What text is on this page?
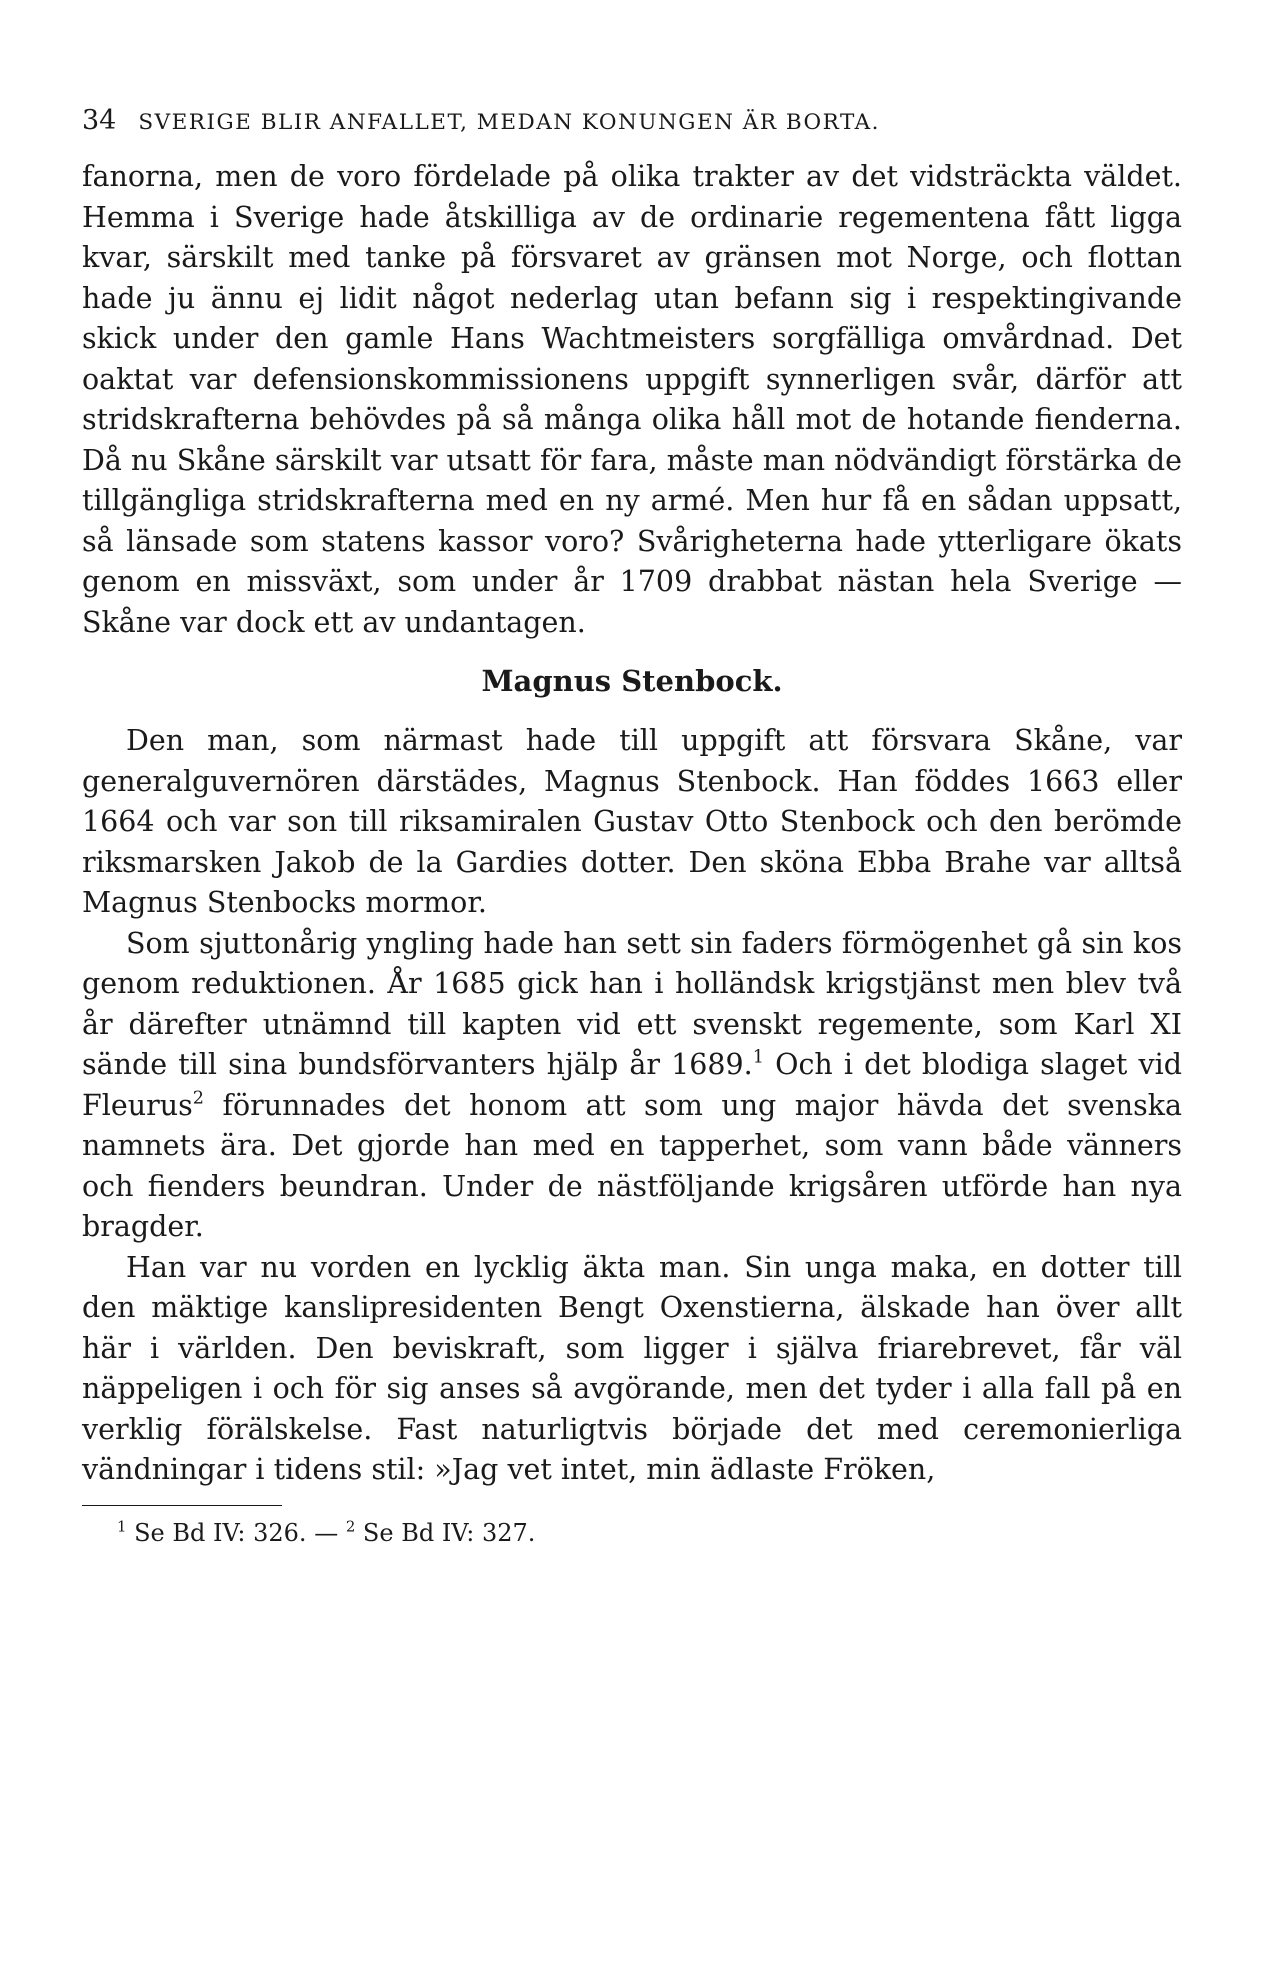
34 SVERIGE BLIR ANFALLET, MEDAN KONUNGEN ÄR BORTA.

fanorna, men de voro fördelade på olika trakter av det vidsträckta väldet. Hemma i Sverige hade åtskilliga av de ordinarie regementena fått ligga kvar, särskilt med tanke på försvaret av gränsen mot Norge, och flottan hade ju ännu ej lidit något nederlag utan befann sig i respektingivande skick under den gamle Hans Wachtmeisters sorgfälliga omvårdnad. Det oaktat var defensionskommissionens uppgift synnerligen svår, därför att stridskrafterna behövdes på så många olika håll mot de hotande fienderna. Då nu Skåne särskilt var utsatt för fara, måste man nödvändigt förstärka de tillgängliga stridskrafterna med en ny armé. Men hur få en sådan uppsatt, så länsade som statens kassor voro? Svårigheterna hade ytterligare ökats genom en missväxt, som under år 1709 drabbat nästan hela Sverige — Skåne var dock ett av undantagen.

Magnus Stenbock.

Den man, som närmast hade till uppgift att försvara Skåne, var generalguvernören därstädes, Magnus Stenbock. Han föddes 1663 eller 1664 och var son till riksamiralen Gustav Otto Stenbock och den berömde riksmarsken Jakob de la Gardies dotter. Den sköna Ebba Brahe var alltså Magnus Stenbocks mormor.

Som sjuttonårig yngling hade han sett sin faders förmögenhet gå sin kos genom reduktionen. År 1685 gick han i holländsk krigstjänst men blev två år därefter utnämnd till kapten vid ett svenskt regemente, som Karl XI sände till sina bundsförvanters hjälp år 1689.$^1$ Och i det blodiga slaget vid Fleurus$^2$ förunnades det honom att som ung major hävda det svenska namnets ära. Det gjorde han med en tapperhet, som vann både vänners och fienders beundran. Under de nästföljande krigsåren utförde han nya bragder.

Han var nu vorden en lycklig äkta man. Sin unga maka, en dotter till den mäktige kanslipresidenten Bengt Oxenstierna, älskade han över allt här i världen. Den beviskraft, som ligger i själva friarebrevet, får väl näppeligen i och för sig anses så avgörande, men det tyder i alla fall på en verklig förälskelse. Fast naturligtvis började det med ceremonierliga vändningar i tidens stil: »Jag vet intet, min ädlaste Fröken,

$^1$ Se Bd IV: 326. — $^2$ Se Bd IV: 327.
